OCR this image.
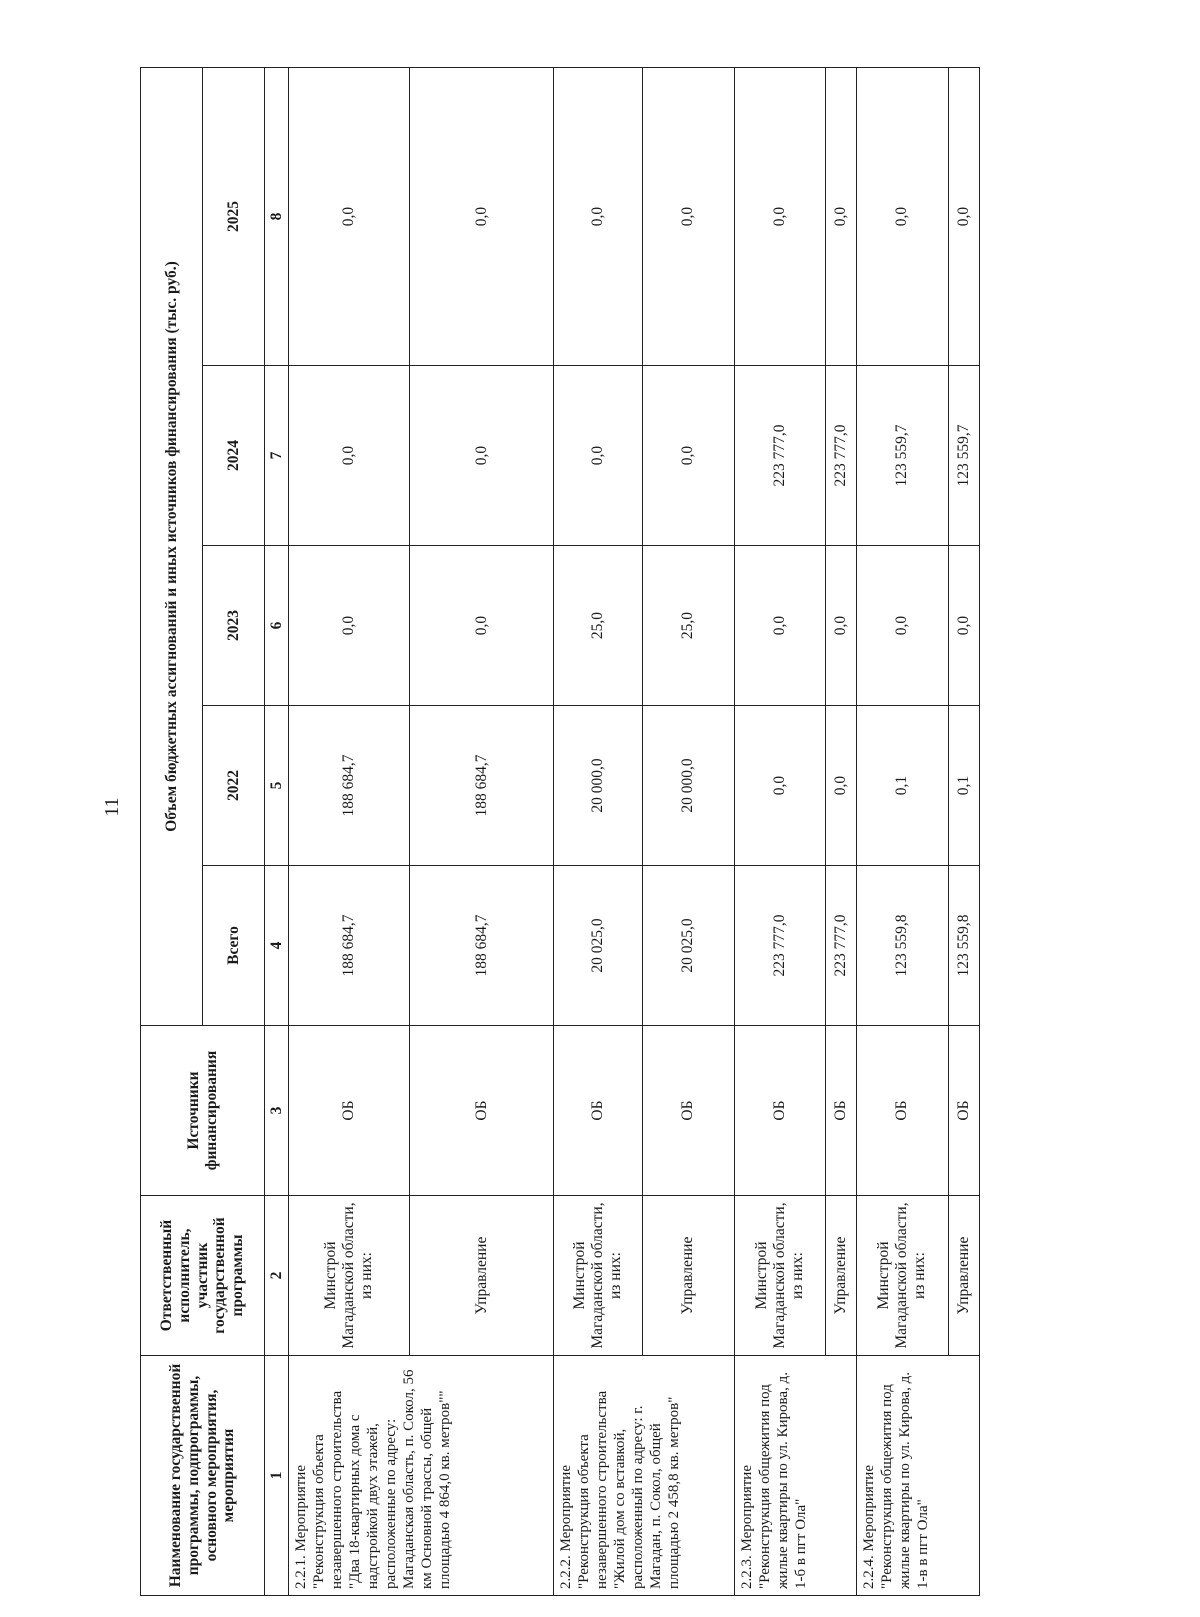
11
Наименование государственной программы, подпрограммы, основного мероприятия, мероприятия	Ответственный исполнитель, участник государственной программы	Источники финансирования	Объем бюджетных ассигнований и иных источников финансирования (тыс. руб.)				
			Всего	2022	2023	2024	2025
1	2	3	4	5	6	7	8
2.2.1. Мероприятие "Реконструкция объекта незавершенного строительства "Два 18-квартирных дома с надстройкой двух этажей, расположенные по адресу: Магаданская область, п. Сокол, 56 км Основной трассы, общей площадью 4 864,0 кв. метров""	Минстрой Магаданской области, из них:	ОБ	188 684,7	188 684,7	0,0	0,0	0,0
	Управление	ОБ	188 684,7	188 684,7	0,0	0,0	0,0
2.2.2. Мероприятие "Реконструкция объекта незавершенного строительства "Жилой дом со вставкой, расположенный по адресу: г. Магадан, п. Сокол, общей площадью 2 458,8 кв. метров"	Минстрой Магаданской области, из них:	ОБ	20 025,0	20 000,0	25,0	0,0	0,0
	Управление	ОБ	20 025,0	20 000,0	25,0	0,0	0,0
2.2.3. Мероприятие "Реконструкция общежития под жилые квартиры по ул. Кирова, д. 1-б в пгт Ола"	Минстрой Магаданской области, из них:	ОБ	223 777,0	0,0	0,0	223 777,0	0,0
	Управление	ОБ	223 777,0	0,0	0,0	223 777,0	0,0
2.2.4. Мероприятие "Реконструкция общежития под жилые квартиры по ул. Кирова, д. 1-в в пгт Ола"	Минстрой Магаданской области, из них:	ОБ	123 559,8	0,1	0,0	123 559,7	0,0
	Управление	ОБ	123 559,8	0,1	0,0	123 559,7	0,0
